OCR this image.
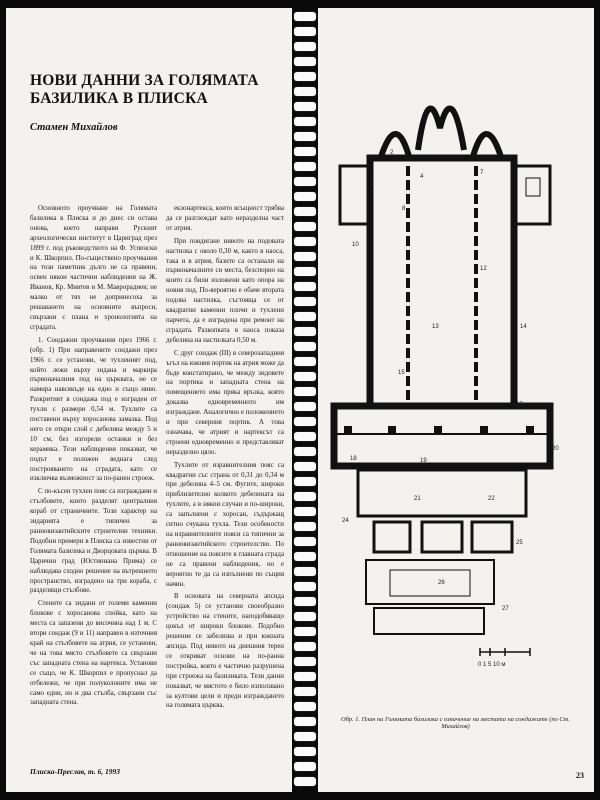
НОВИ ДАННИ ЗА ГОЛЯМАТА БАЗИЛИКА В ПЛИСКА
Стамен Михайлов

Основното проучване на Голямата базилика в Плиска и до днес си остава онова, което направи Руският археологически институт в Цариград през 1899 г. под ръководството на Ф. Успенски и К. Шкорпил. По-съществено проучвания на този паметник дълго не са правени, освен някои частични наблюдения на Ж. Иванов, Кр. Миятев и М. Маврорадиев; не малко от тях не допринесоха за решаването на основните въпроси, свързани с плана и хронологията на сградата.

1. Сондажни проучвания през 1966 г. (обр. 1) При направените сондажи през 1966 г. се установи, че тухленият под, който лежи върху зидана и маркира първоначалния под на църквата, не се намира навсякъде на едно и също ниво. Разкритият в сондажа под е изграден от тухли с размери 0,54 м. Тухлите са поставени върху хоросанова замазка. Под него се откри слой с дебелина между 5 и 10 см, без изгорели останки и без керамика. Тези наблюдения показват, че подът е положен веднага след построяването на сградата, като се изключва възможност за по-ранен строеж.

С по-късен тухлен пояс са изграждани и стълбовете, които разделят централния кораб от страничните. Този характер на зидарията е типичен за ранновизантийските строителни техники. Подобни примери в Плиска са известни от Голямата базилика и Дворцовата църква. В Царичин град (Юстиниана Прима) се наблюдава сходно решение на вътрешното пространство, изградено на три кораба, с разделящи стълбове.

Стените са зидани от големи каменни блокове с хоросанова спойка, като на места са запазени до височина над 1 м. С втори сондаж (9 и 11) направен в източния край на стълбовете на атрия, се установи, че на това място стълбовете са свързани със западната стена на нартекса. Установи се също, че К. Шкорпил е пропуснал да отбележи, че при полуколоните има не само едни, но и два стълба, свързани със западната стена.

екзонартекса, които всъщност трябва да се разглеждат като неразделна част от атрия.

При повдигане нивото на подовата настилка с около 0,30 м, както в наоса, така и в атрия, базите са останали на първоначалните си места, безспорно на които са били изложени като опора на новия под. По-вероятно е обаче втората подова настилка, състояща се от квадратни каменни плочи и тухлени парчета, да е изградена при ремонт на сградата. Разкопката в наоса показа дебелина на настилката 0,50 м.

С друг сондаж (III) в северозападния ъгъл на южния портик на атрия може да бъде констатирано, че между зидовете на портика и западната стена на помещението има пряка връзка, която доказва едновременното им изграждане. Аналогично е положението и при северния портик. А това означава, че атрият и нартексът са строени едновременно и представляват неразделно цяло.

Тухлите от изравнителния пояс са квадратни със страна от 0,31 до 0,34 м при дебелина 4–5 см. Фугите, широки приблизително колкото дебелината на тухлите, а в някои случаи и по-широки, са запълнени с хоросан, съдържащ ситно счукана тухла. Тези особености на изравнителните пояси са типични за ранновизантийското строителство. По отношение на поясите в главната сграда не са правени наблюдения, но е вероятно те да са изпълнени по същия начин.

В основата на северната апсида (сондаж 5) се установи своеобразно устройство на стените, наподобяващо цокъл от широки блокове. Подобно решение се забелязва и при южната апсида. Под нивото на днешния терен се откриват основи на по-ранна постройка, която е частично разрушена при строежа на базиликата. Тези данни показват, че мястото е било използвано за култови цели и преди изграждането на голямата църква.

Плиска-Преслав, т. 6, 1993
0 1 5 10 м
1
2
4
7
8
10
12
13	14
15
17
18	19
20
21	22
24
25
26
27
Обр. 1. План на Голямата базилика с означение на местата на сондажите (по Ст. Михайлов)
23
